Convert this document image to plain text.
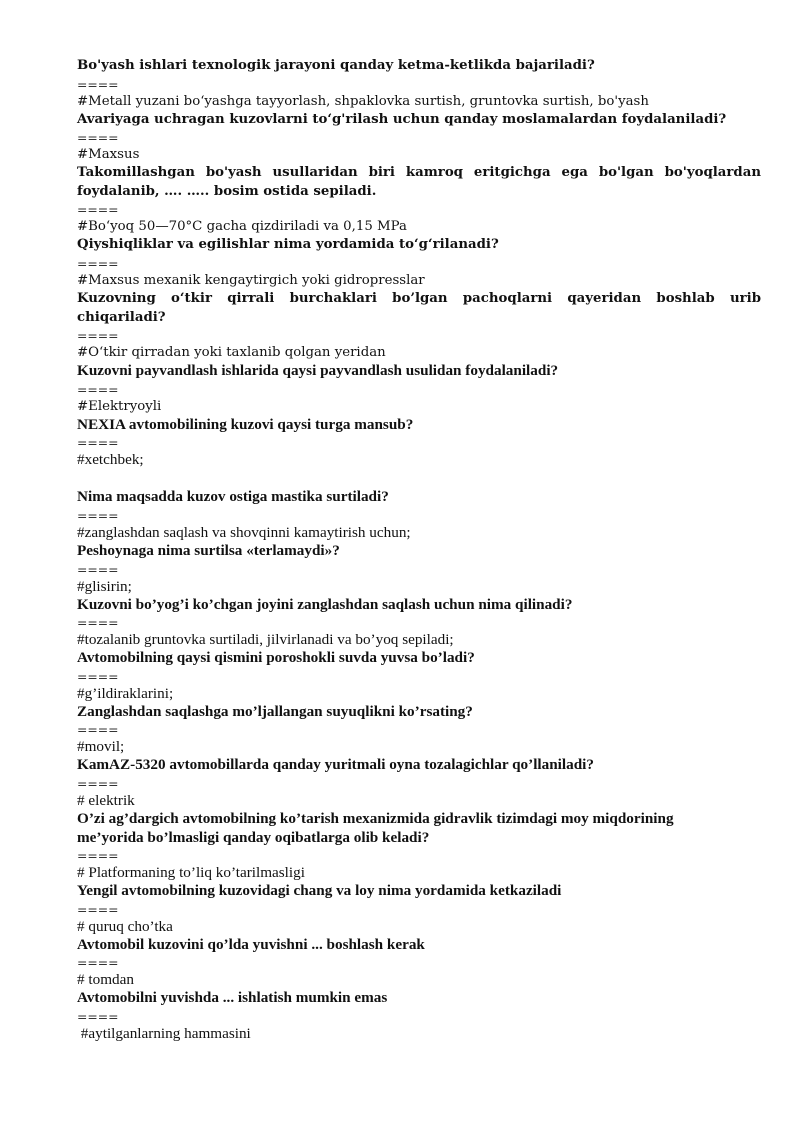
Bo'yash ishlari texnologik jarayoni qanday ketma-ketlikda bajariladi?
====
#Metall yuzani bo‘yashga tayyorlash, shpaklovka surtish, gruntovka surtish, bo'yash
Avariyaga uchragan kuzovlarni to‘g'rilash uchun qanday moslamalardan foydalaniladi?
====
#Maxsus
Takomillashgan bo'yash usullaridan biri kamroq eritgichga ega bo'lgan bo'yoqlardan foydalanib, …. ….. bosim ostida sepiladi.
====
#Bo‘yoq 50—70°C gacha qizdiriladi va 0,15 MPa
Qiyshiqliklar va egilishlar nima yordamida to‘g‘rilanadi?
====
#Maxsus mexanik kengaytirgich yoki gidropresslar
Kuzovning o‘tkir qirrali burchaklari bo’lgan pachoqlarni qayeridan boshlab urib chiqariladi?
====
#O‘tkir qirradan yoki taxlanib qolgan yeridan
Kuzovni payvandlash ishlarida qaysi payvandlash usulidan foydalaniladi?
====
#Elektryoyli
NEXIA avtomobilining kuzovi qaysi turga mansub?
====
#xetchbek;
Nima maqsadda kuzov ostiga mastika surtiladi?
====
#zanglashdan saqlash va shovqinni kamaytirish uchun;
Peshoynaga nima surtilsa «terlamaydi»?
====
#glisirin;
Kuzovni bo’yog’i ko’chgan joyini zanglashdan saqlash uchun nima qilinadi?
====
#tozalanib gruntovka surtiladi, jilvirlanadi va bo’yoq sepiladi;
Avtomobilning qaysi qismini poroshokli suvda yuvsa bo’ladi?
====
#g’ildiraklarini;
Zanglashdan saqlashga mo’ljallangan suyuqlikni ko’rsating?
====
#movil;
KamAZ-5320 avtomobillarda qanday yuritmali oyna tozalagichlar qo’llaniladi?
====
# elektrik
O’zi ag’dargich avtomobilning ko’tarish mexanizmida gidravlik tizimdagi moy miqdorining
me’yorida bo’lmasligi qanday oqibatlarga olib keladi?
====
# Platformaning to’liq ko’tarilmasligi
Yengil avtomobilning kuzovidagi chang va loy nima yordamida ketkaziladi
====
# quruq cho’tka
Avtomobil kuzovini qo’lda yuvishni ... boshlash kerak
====
# tomdan
Avtomobilni yuvishda ... ishlatish mumkin emas
====
#aytilganlarning hammasini
